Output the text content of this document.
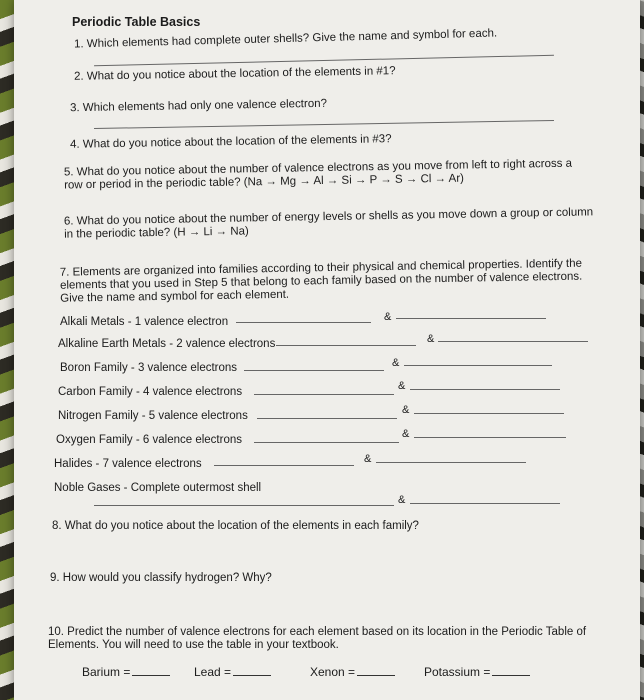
Periodic Table Basics
1. Which elements had complete outer shells? Give the name and symbol for each.
2. What do you notice about the location of the elements in #1?
3. Which elements had only one valence electron?
4. What do you notice about the location of the elements in #3?
5. What do you notice about the number of valence electrons as you move from left to right across a row or period in the periodic table? (Na → Mg → Al → Si → P → S → Cl → Ar)
6. What do you notice about the number of energy levels or shells as you move down a group or column in the periodic table? (H → Li → Na)
7. Elements are organized into families according to their physical and chemical properties. Identify the elements that you used in Step 5 that belong to each family based on the number of valence electrons. Give the name and symbol for each element.
Alkali Metals - 1 valence electron	&
Alkaline Earth Metals - 2 valence electrons	&
Boron Family - 3 valence electrons	&
Carbon Family - 4 valence electrons	&
Nitrogen Family - 5 valence electrons	&
Oxygen Family - 6 valence electrons	&
Halides - 7 valence electrons	&
Noble Gases - Complete outermost shell
&
8. What do you notice about the location of the elements in each family?
9. How would you classify hydrogen? Why?
10. Predict the number of valence electrons for each element based on its location in the Periodic Table of Elements. You will need to use the table in your textbook.
Barium =	Lead =	Xenon =	Potassium =
